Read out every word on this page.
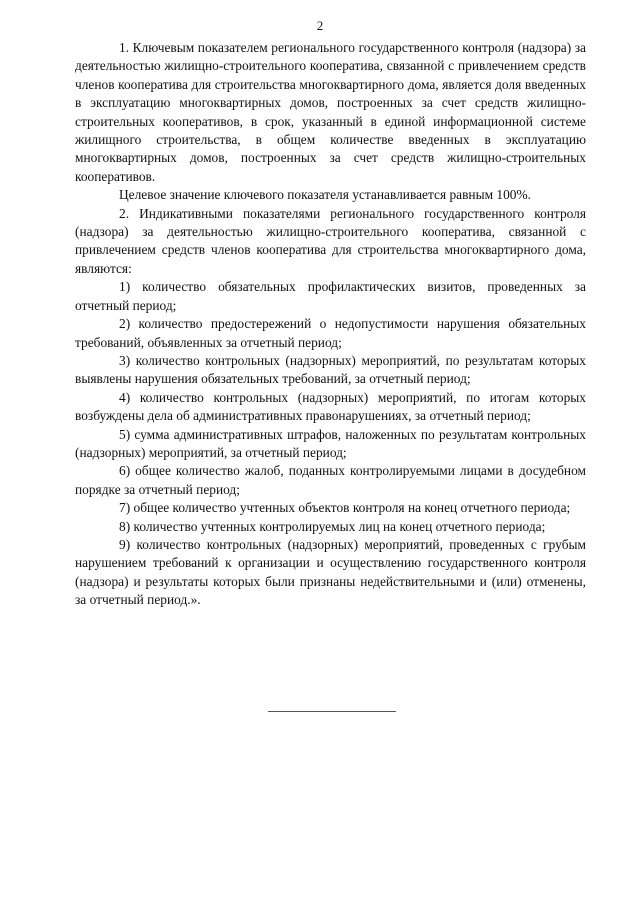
2

1. Ключевым показателем регионального государственного контроля (надзора) за деятельностью жилищно-строительного кооператива, связанной с привлечением средств членов кооператива для строительства многоквартирного дома, является доля введенных в эксплуатацию многоквартирных домов, построенных за счет средств жилищно-строительных кооперативов, в срок, указанный в единой информационной системе жилищного строительства, в общем количестве введенных в эксплуатацию многоквартирных домов, построенных за счет средств жилищно-строительных кооперативов.

Целевое значение ключевого показателя устанавливается равным 100%.

2. Индикативными показателями регионального государственного контроля (надзора) за деятельностью жилищно-строительного кооператива, связанной с привлечением средств членов кооператива для строительства многоквартирного дома, являются:

1) количество обязательных профилактических визитов, проведенных за отчетный период;

2) количество предостережений о недопустимости нарушения обязательных требований, объявленных за отчетный период;

3) количество контрольных (надзорных) мероприятий, по результатам которых выявлены нарушения обязательных требований, за отчетный период;

4) количество контрольных (надзорных) мероприятий, по итогам которых возбуждены дела об административных правонарушениях, за отчетный период;

5) сумма административных штрафов, наложенных по результатам контрольных (надзорных) мероприятий, за отчетный период;

6) общее количество жалоб, поданных контролируемыми лицами в досудебном порядке за отчетный период;

7) общее количество учтенных объектов контроля на конец отчетного периода;

8) количество учтенных контролируемых лиц на конец отчетного периода;

9) количество контрольных (надзорных) мероприятий, проведенных с грубым нарушением требований к организации и осуществлению государственного контроля (надзора) и результаты которых были признаны недействительными и (или) отменены, за отчетный период.».
